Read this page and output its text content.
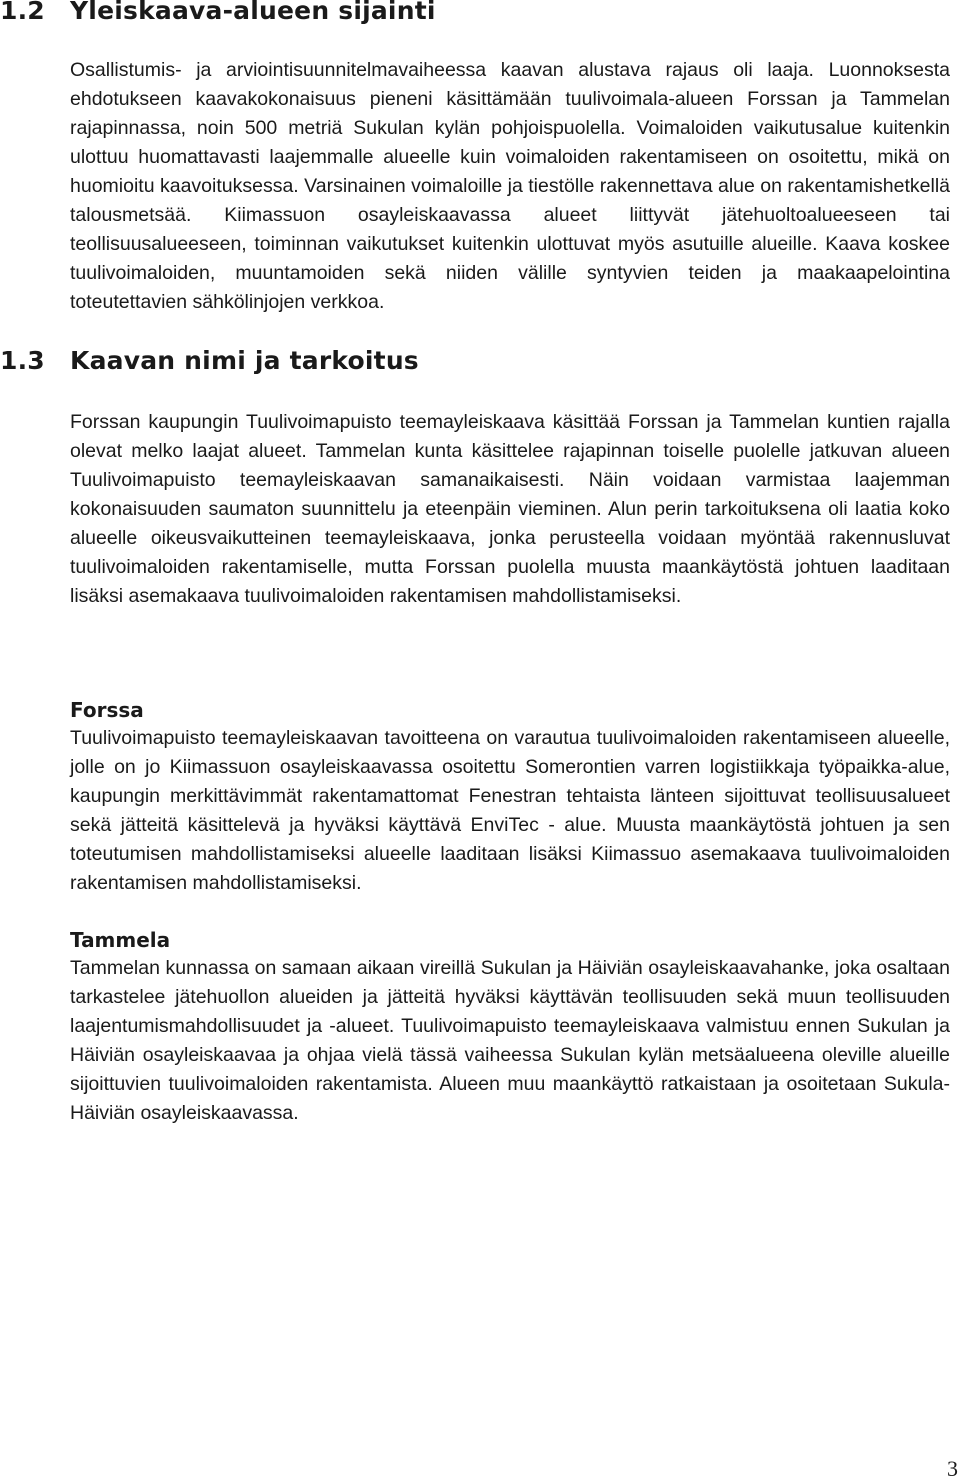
1.2 Yleiskaava-alueen sijainti

Osallistumis- ja arviointisuunnitelmavaiheessa kaavan alustava rajaus oli laaja. Luonnoksesta ehdotukseen kaavakokonaisuus pieneni käsittämään tuulivoimala-alueen Forssan ja Tammelan rajapinnassa, noin 500 metriä Sukulan kylän pohjoispuolella. Voimaloiden vaikutusalue kuitenkin ulottuu huomattavasti laajemmalle alueelle kuin voimaloiden rakentamiseen on osoitettu, mikä on huomioitu kaavoituksessa. Varsinainen voimaloille ja tiestölle rakennettava alue on rakentamishetkellä talousmetsää. Kiimassuon osayleiskaavassa alueet liittyvät jätehuoltoalueeseen tai teollisuusalueeseen, toiminnan vaikutukset kuitenkin ulottuvat myös asutuille alueille. Kaava koskee tuulivoimaloiden, muuntamoiden sekä niiden välille syntyvien teiden ja maakaapelointina toteutettavien sähkölinjojen verkkoa.

1.3 Kaavan nimi ja tarkoitus

Forssan kaupungin Tuulivoimapuisto teemayleiskaava käsittää Forssan ja Tammelan kuntien rajalla olevat melko laajat alueet. Tammelan kunta käsittelee rajapinnan toiselle puolelle jatkuvan alueen Tuulivoimapuisto teemayleiskaavan samanaikaisesti. Näin voidaan varmistaa laajemman kokonaisuuden saumaton suunnittelu ja eteenpäin vieminen. Alun perin tarkoituksena oli laatia koko alueelle oikeusvaikutteinen teemayleiskaava, jonka perusteella voidaan myöntää rakennusluvat tuulivoimaloiden rakentamiselle, mutta Forssan puolella muusta maankäytöstä johtuen laaditaan lisäksi asemakaava tuulivoimaloiden rakentamisen mahdollistamiseksi.

Forssa

Tuulivoimapuisto teemayleiskaavan tavoitteena on varautua tuulivoimaloiden rakentamiseen alueelle, jolle on jo Kiimassuon osayleiskaavassa osoitettu Somerontien varren logistiikkaja työpaikka-alue, kaupungin merkittävimmät rakentamattomat Fenestran tehtaista länteen sijoittuvat teollisuusalueet sekä jätteitä käsittelevä ja hyväksi käyttävä EnviTec - alue. Muusta maankäytöstä johtuen ja sen toteutumisen mahdollistamiseksi alueelle laaditaan lisäksi Kiimassuo asemakaava tuulivoimaloiden rakentamisen mahdollistamiseksi.

Tammela

Tammelan kunnassa on samaan aikaan vireillä Sukulan ja Häiviän osayleiskaavahanke, joka osaltaan tarkastelee jätehuollon alueiden ja jätteitä hyväksi käyttävän teollisuuden sekä muun teollisuuden laajentumismahdollisuudet ja -alueet. Tuulivoimapuisto teemayleiskaava valmistuu ennen Sukulan ja Häiviän osayleiskaavaa ja ohjaa vielä tässä vaiheessa Sukulan kylän metsäalueena oleville alueille sijoittuvien tuulivoimaloiden rakentamista. Alueen muu maankäyttö ratkaistaan ja osoitetaan Sukula-Häiviän osayleiskaavassa.

3
